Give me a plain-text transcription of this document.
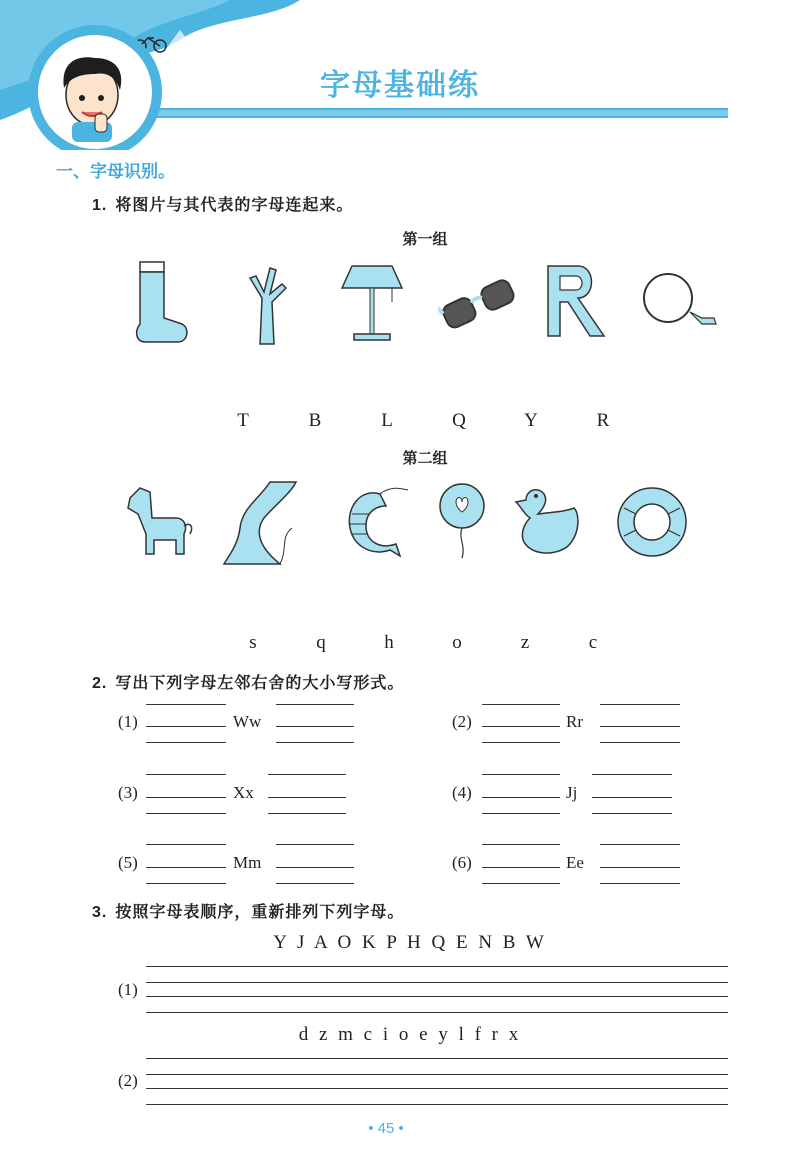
字母基础练
一、字母识别。
1. 将图片与其代表的字母连起来。
第一组
T	B	L	Q	Y	R
第二组
s	q	h	o	z	c
2. 写出下列字母左邻右舍的大小写形式。
(1)	Ww	(2)	Rr
(3)	Xx	(4)	Jj
(5)	Mm	(6)	Ee
3. 按照字母表顺序，重新排列下列字母。
Y J A O K P H Q E N B W
(1)
d z m c i o e y l f r x
(2)
• 45 •
